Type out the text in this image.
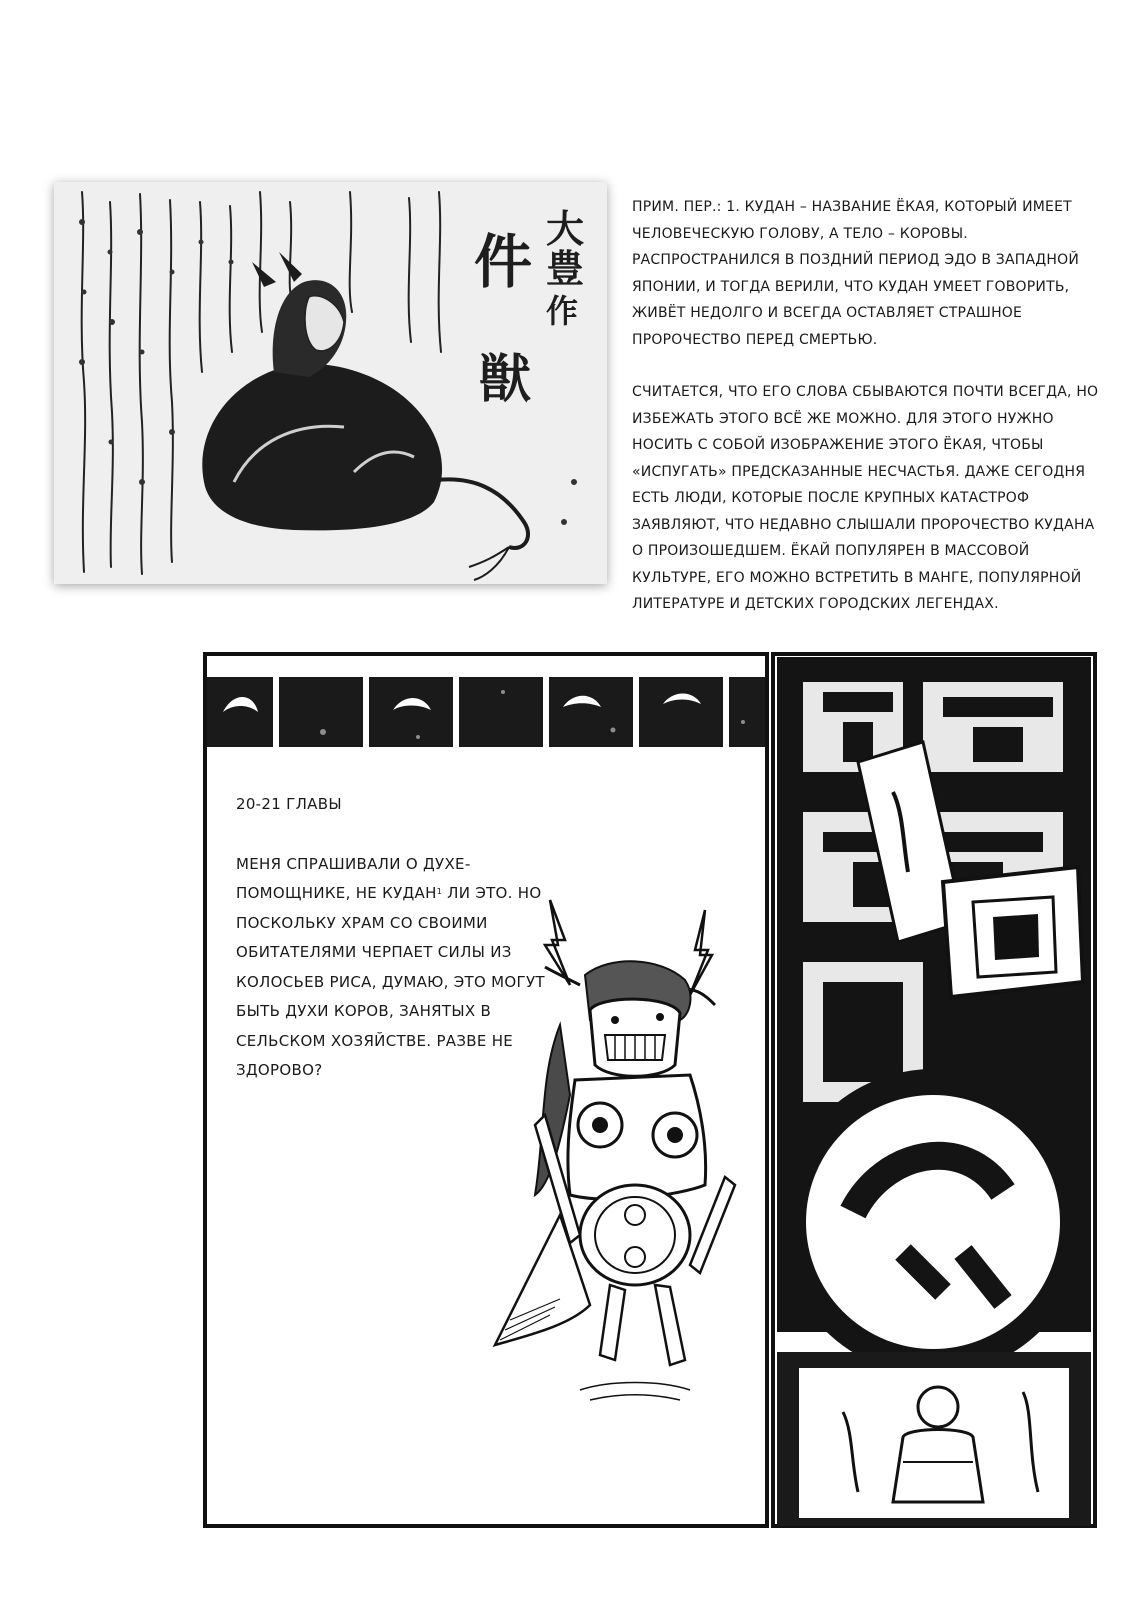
大
豊
作
件
獣

ПРИМ. ПЕР.: 1. КУДАН – НАЗВАНИЕ ЁКАЯ, КОТОРЫЙ ИМЕЕТ ЧЕЛОВЕЧЕСКУЮ ГОЛОВУ, А ТЕЛО – КОРОВЫ. РАСПРОСТРАНИЛСЯ В ПОЗДНИЙ ПЕРИОД ЭДО В ЗАПАДНОЙ ЯПОНИИ, И ТОГДА ВЕРИЛИ, ЧТО КУДАН УМЕЕТ ГОВОРИТЬ, ЖИВЁТ НЕДОЛГО И ВСЕГДА ОСТАВЛЯЕТ СТРАШНОЕ ПРОРОЧЕСТВО ПЕРЕД СМЕРТЬЮ.

СЧИТАЕТСЯ, ЧТО ЕГО СЛОВА СБЫВАЮТСЯ ПОЧТИ ВСЕГДА, НО ИЗБЕЖАТЬ ЭТОГО ВСЁ ЖЕ МОЖНО. ДЛЯ ЭТОГО НУЖНО НОСИТЬ С СОБОЙ ИЗОБРАЖЕНИЕ ЭТОГО ЁКАЯ, ЧТОБЫ «ИСПУГАТЬ» ПРЕДСКАЗАННЫЕ НЕСЧАСТЬЯ. ДАЖЕ СЕГОДНЯ ЕСТЬ ЛЮДИ, КОТОРЫЕ ПОСЛЕ КРУПНЫХ КАТАСТРОФ ЗАЯВЛЯЮТ, ЧТО НЕДАВНО СЛЫШАЛИ ПРОРОЧЕСТВО КУДАНА О ПРОИЗОШЕДШЕМ. ЁКАЙ ПОПУЛЯРЕН В МАССОВОЙ КУЛЬТУРЕ, ЕГО МОЖНО ВСТРЕТИТЬ В МАНГЕ, ПОПУЛЯРНОЙ ЛИТЕРАТУРЕ И ДЕТСКИХ ГОРОДСКИХ ЛЕГЕНДАХ.

20-21 ГЛАВЫ

МЕНЯ СПРАШИВАЛИ О ДУХЕ-ПОМОЩНИКЕ, НЕ КУДАН$^1$ ЛИ ЭТО. НО ПОСКОЛЬКУ ХРАМ СО СВОИМИ ОБИТАТЕЛЯМИ ЧЕРПАЕТ СИЛЫ ИЗ КОЛОСЬЕВ РИСА, ДУМАЮ, ЭТО МОГУТ БЫТЬ ДУХИ КОРОВ, ЗАНЯТЫХ В СЕЛЬСКОМ ХОЗЯЙСТВЕ. РАЗВЕ НЕ ЗДОРОВО?
